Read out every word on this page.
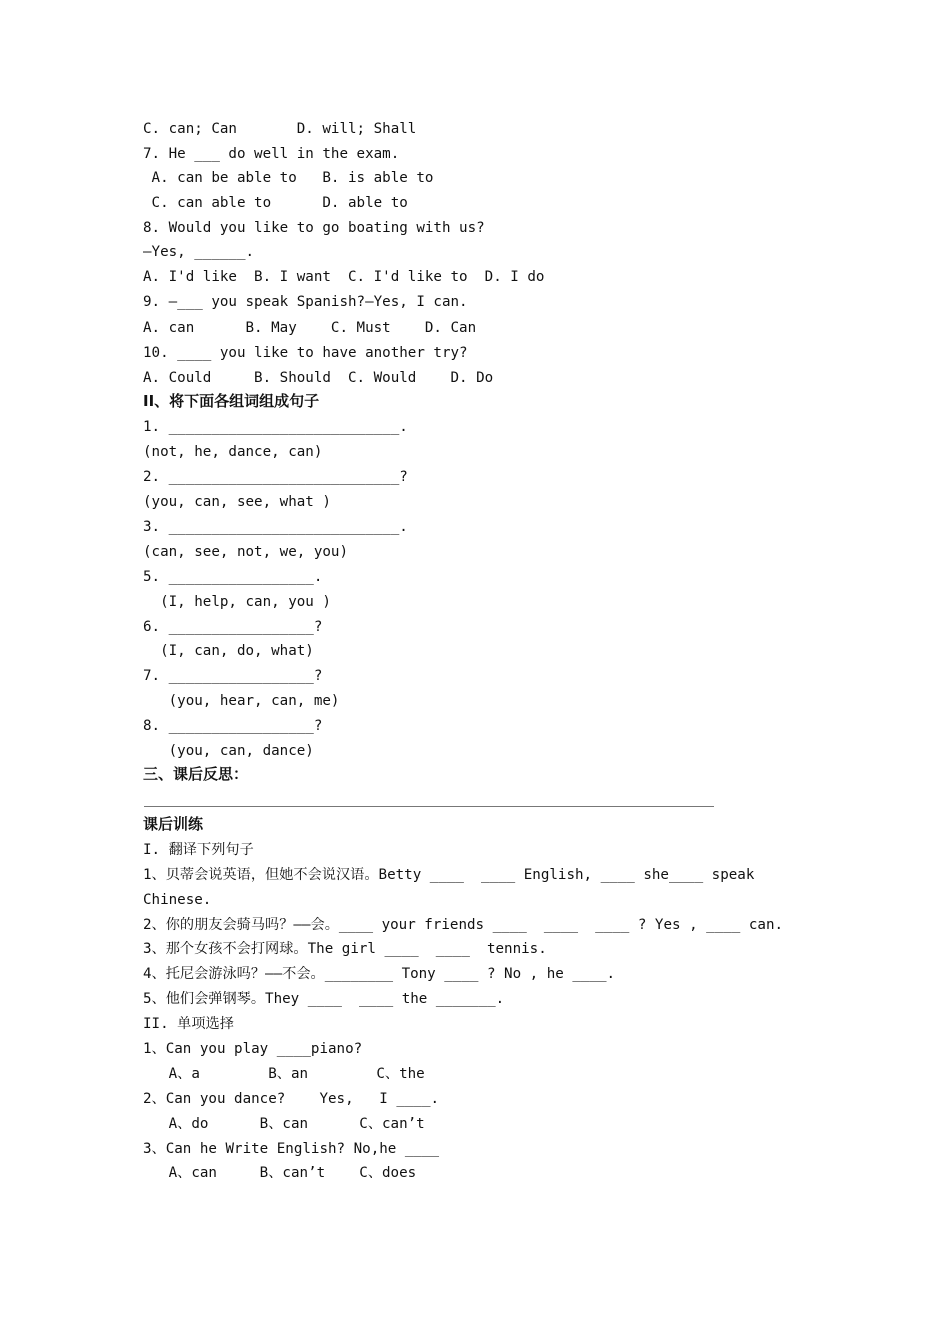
C. can; Can       D. will; Shall
7. He ___ do well in the exam.
A. can be able to   B. is able to
C. can able to      D. able to
8. Would you like to go boating with us?
—Yes, ______.
A. I'd like  B. I want  C. I'd like to  D. I do
9. —___ you speak Spanish?—Yes, I can.
A. can      B. May    C. Must    D. Can
10. ____ you like to have another try?
A. Could     B. Should  C. Would    D. Do
II、将下面各组词组成句子
1. ___________________________.
(not, he, dance, can)
2. ___________________________?
(you, can, see, what )
3. ___________________________.
(can, see, not, we, you)
5. _________________.
(I, help, can, you )
6. _________________?
(I, can, do, what)
7. _________________?
(you, hear, can, me)
8. _________________?
(you, can, dance)
三、课后反思：
课后训练
I. 翻译下列句子
1、贝蒂会说英语，但她不会说汉语。Betty ____  ____ English, ____ she____ speak
Chinese.
2、你的朋友会骑马吗？——会。____ your friends ____  ____  ____ ? Yes , ____ can.
3、那个女孩不会打网球。The girl ____  ____  tennis.
4、托尼会游泳吗？——不会。________ Tony ____ ? No , he ____.
5、他们会弹钢琴。They ____  ____ the _______.
II. 单项选择
1、Can you play ____piano?
A、a        B、an        C、the
2、Can you dance?    Yes,   I ____.
A、do      B、can      C、can’t
3、Can he Write English? No,he ____
A、can     B、can’t    C、does
